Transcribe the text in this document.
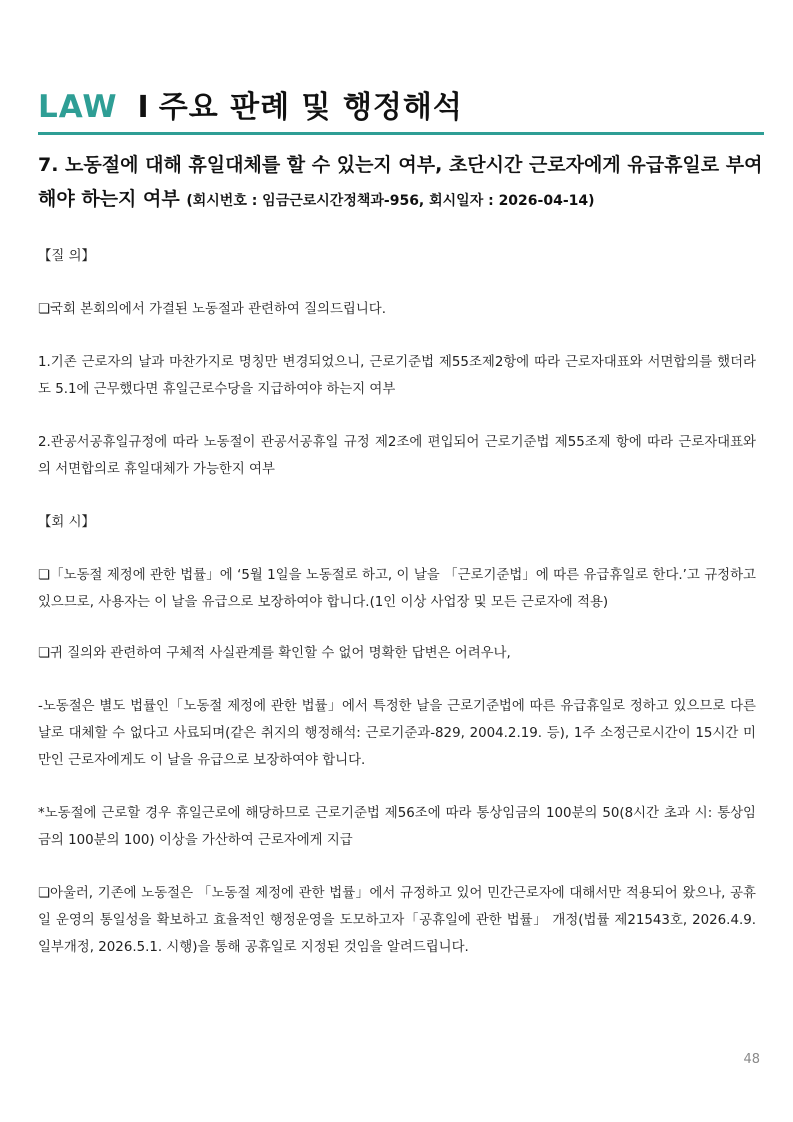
LAW I 주요 판례 및 행정해석
7. 노동절에 대해 휴일대체를 할 수 있는지 여부, 초단시간 근로자에게 유급휴일로 부여해야 하는지 여부 (회시번호 : 임금근로시간정책과-956, 회시일자 : 2026-04-14)

【질 의】

❏국회 본회의에서 가결된 노동절과 관련하여 질의드립니다.

1.기존 근로자의 날과 마찬가지로 명칭만 변경되었으니, 근로기준법 제55조제2항에 따라 근로자대표와 서면합의를 했더라도 5.1에 근무했다면 휴일근로수당을 지급하여야 하는지 여부

2.관공서공휴일규정에 따라 노동절이 관공서공휴일 규정 제2조에 편입되어 근로기준법 제55조제 항에 따라 근로자대표와의 서면합의로 휴일대체가 가능한지 여부

【회 시】

❏「노동절 제정에 관한 법률」에 ‘5월 1일을 노동절로 하고, 이 날을 「근로기준법」에 따른 유급휴일로 한다.’고 규정하고 있으므로, 사용자는 이 날을 유급으로 보장하여야 합니다.(1인 이상 사업장 및 모든 근로자에 적용)

❏귀 질의와 관련하여 구체적 사실관계를 확인할 수 없어 명확한 답변은 어려우나,

-노동절은 별도 법률인「노동절 제정에 관한 법률」에서 특정한 날을 근로기준법에 따른 유급휴일로 정하고 있으므로 다른 날로 대체할 수 없다고 사료되며(같은 취지의 행정해석: 근로기준과-829, 2004.2.19. 등), 1주 소정근로시간이 15시간 미만인 근로자에게도 이 날을 유급으로 보장하여야 합니다.

*노동절에 근로할 경우 휴일근로에 해당하므로 근로기준법 제56조에 따라 통상임금의 100분의 50(8시간 초과 시: 통상임금의 100분의 100) 이상을 가산하여 근로자에게 지급

❏아울러, 기존에 노동절은 「노동절 제정에 관한 법률」에서 규정하고 있어 민간근로자에 대해서만 적용되어 왔으나, 공휴일 운영의 통일성을 확보하고 효율적인 행정운영을 도모하고자「공휴일에 관한 법률」 개정(법률 제21543호, 2026.4.9. 일부개정, 2026.5.1. 시행)을 통해 공휴일로 지정된 것임을 알려드립니다.

48
